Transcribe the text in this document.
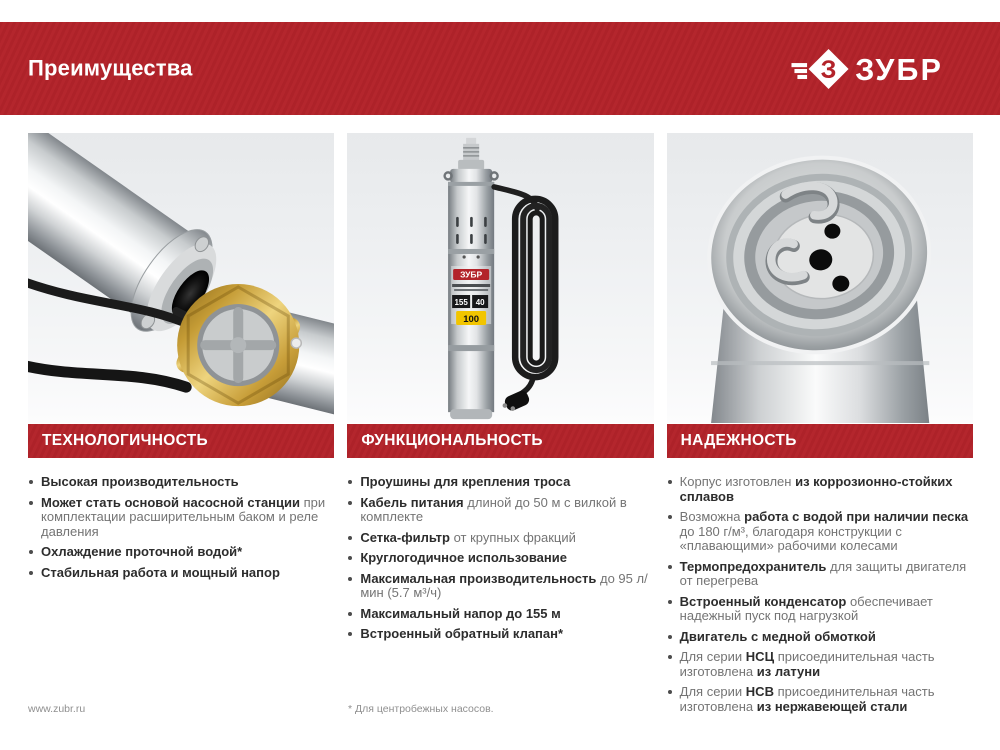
Преимущества	З ЗУБР
ЗУБР
155 40
100
ТЕХНОЛОГИЧНОСТЬ	ФУНКЦИОНАЛЬНОСТЬ	НАДЕЖНОСТЬ
Высокая производительность
Может стать основой насосной станции при комплектации расширительным баком и реле давления
Охлаждение проточной водой*
Стабильная работа и мощный напор
Проушины для крепления троса
Кабель питания длиной до 50 м с вилкой в комплекте
Сетка-фильтр от крупных фракций
Круглогодичное использование
Максимальная производительность до 95 л/мин (5.7 м³/ч)
Максимальный напор до 155 м
Встроенный обратный клапан*
Корпус изготовлен из коррозионно-стойких сплавов
Возможна работа с водой при наличии песка до 180 г/м³, благодаря конструкции с «плавающими» рабочими колесами
Термопредохранитель для защиты двигателя от перегрева
Встроенный конденсатор обеспечивает надежный пуск под нагрузкой
Двигатель с медной обмоткой
Для серии НСЦ присоединительная часть изготовлена из латуни
Для серии НСВ присоединительная часть изготовлена из нержавеющей стали
www.zubr.ru	* Для центробежных насосов.
